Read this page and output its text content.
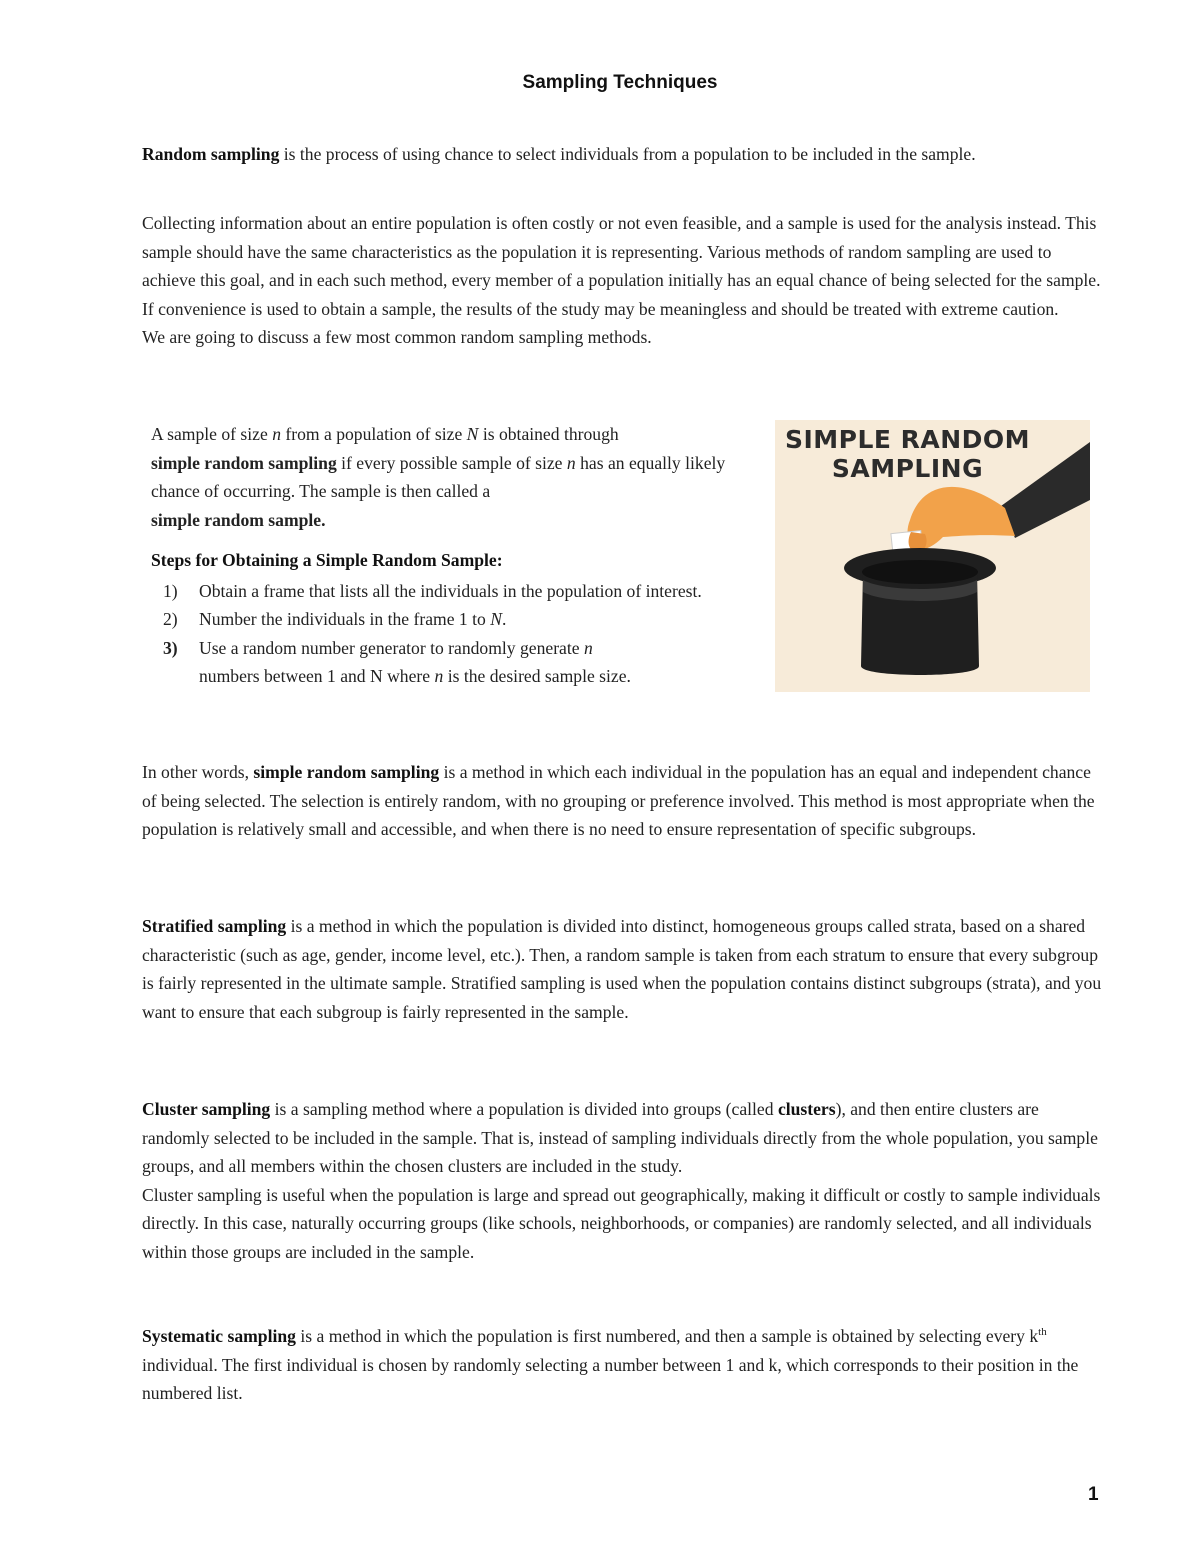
Sampling Techniques

Random sampling is the process of using chance to select individuals from a population to be included in the sample.

Collecting information about an entire population is often costly or not even feasible, and a sample is used for the analysis instead. This sample should have the same characteristics as the population it is representing. Various methods of random sampling are used to achieve this goal, and in each such method, every member of a population initially has an equal chance of being selected for the sample. If convenience is used to obtain a sample, the results of the study may be meaningless and should be treated with extreme caution.
We are going to discuss a few most common random sampling methods.

A sample of size n from a population of size N is obtained through
simple random sampling if every possible sample of size n has an equally likely chance of occurring. The sample is then called a
simple random sample.

Steps for Obtaining a Simple Random Sample:

1) Obtain a frame that lists all the individuals in the population of interest.
2) Number the individuals in the frame 1 to N.
3) Use a random number generator to randomly generate n
numbers between 1 and N where n is the desired sample size.
SIMPLE RANDOM
SAMPLING

In other words, simple random sampling is a method in which each individual in the population has an equal and independent chance of being selected. The selection is entirely random, with no grouping or preference involved. This method is most appropriate when the population is relatively small and accessible, and when there is no need to ensure representation of specific subgroups.

Stratified sampling is a method in which the population is divided into distinct, homogeneous groups called strata, based on a shared characteristic (such as age, gender, income level, etc.). Then, a random sample is taken from each stratum to ensure that every subgroup is fairly represented in the ultimate sample. Stratified sampling is used when the population contains distinct subgroups (strata), and you want to ensure that each subgroup is fairly represented in the sample.

Cluster sampling is a sampling method where a population is divided into groups (called clusters), and then entire clusters are randomly selected to be included in the sample. That is, instead of sampling individuals directly from the whole population, you sample groups, and all members within the chosen clusters are included in the study.
Cluster sampling is useful when the population is large and spread out geographically, making it difficult or costly to sample individuals directly. In this case, naturally occurring groups (like schools, neighborhoods, or companies) are randomly selected, and all individuals within those groups are included in the sample.

Systematic sampling is a method in which the population is first numbered, and then a sample is obtained by selecting every $k^{th}$ individual. The first individual is chosen by randomly selecting a number between 1 and k, which corresponds to their position in the numbered list.

1
